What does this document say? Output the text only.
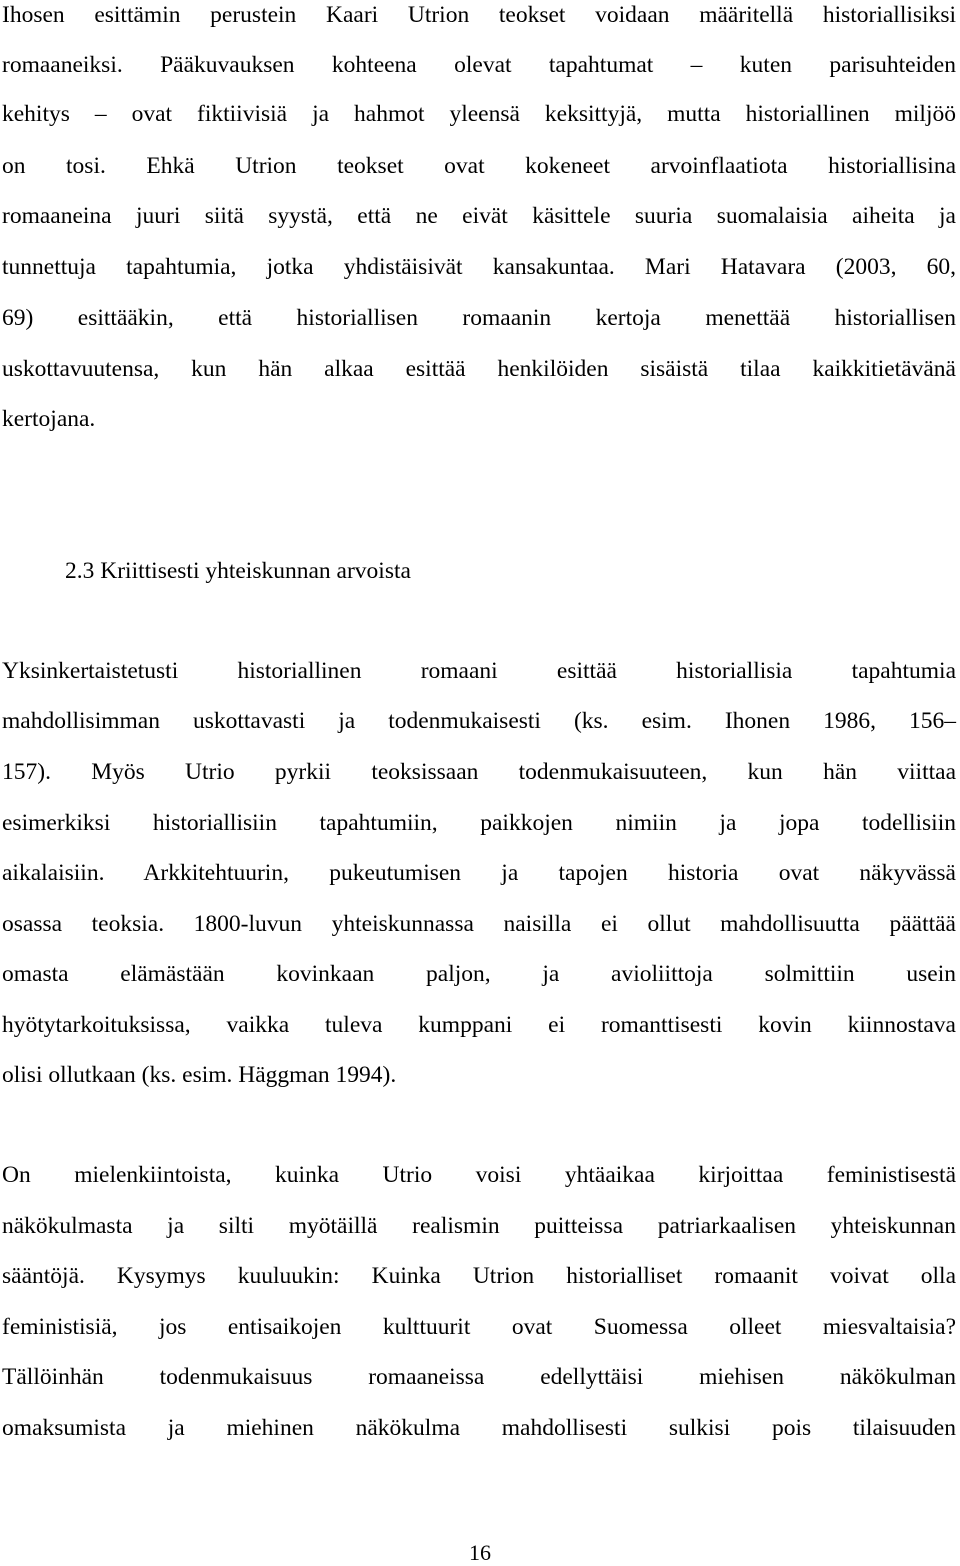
Ihosen esittämin perustein Kaari Utrion teokset voidaan määritellä historiallisiksi
romaaneiksi. Pääkuvauksen kohteena olevat tapahtumat – kuten parisuhteiden
kehitys – ovat fiktiivisiä ja hahmot yleensä keksittyjä, mutta historiallinen miljöö
on tosi. Ehkä Utrion teokset ovat kokeneet arvoinflaatiota historiallisina
romaaneina juuri siitä syystä, että ne eivät käsittele suuria suomalaisia aiheita ja
tunnettuja tapahtumia, jotka yhdistäisivät kansakuntaa. Mari Hatavara (2003, 60,
69) esittääkin, että historiallisen romaanin kertoja menettää historiallisen
uskottavuutensa, kun hän alkaa esittää henkilöiden sisäistä tilaa kaikkitietävänä
kertojana.
2.3 Kriittisesti yhteiskunnan arvoista
Yksinkertaistetusti historiallinen romaani esittää historiallisia tapahtumia
mahdollisimman uskottavasti ja todenmukaisesti (ks. esim. Ihonen 1986, 156–
157). Myös Utrio pyrkii teoksissaan todenmukaisuuteen, kun hän viittaa
esimerkiksi historiallisiin tapahtumiin, paikkojen nimiin ja jopa todellisiin
aikalaisiin. Arkkitehtuurin, pukeutumisen ja tapojen historia ovat näkyvässä
osassa teoksia. 1800-luvun yhteiskunnassa naisilla ei ollut mahdollisuutta päättää
omasta elämästään kovinkaan paljon, ja avioliittoja solmittiin usein
hyötytarkoituksissa, vaikka tuleva kumppani ei romanttisesti kovin kiinnostava
olisi ollutkaan (ks. esim. Häggman 1994).
On mielenkiintoista, kuinka Utrio voisi yhtäaikaa kirjoittaa feministisestä
näkökulmasta ja silti myötäillä realismin puitteissa patriarkaalisen yhteiskunnan
sääntöjä. Kysymys kuuluukin: Kuinka Utrion historialliset romaanit voivat olla
feministisiä, jos entisaikojen kulttuurit ovat Suomessa olleet miesvaltaisia?
Tällöinhän todenmukaisuus romaaneissa edellyttäisi miehisen näkökulman
omaksumista ja miehinen näkökulma mahdollisesti sulkisi pois tilaisuuden
16
